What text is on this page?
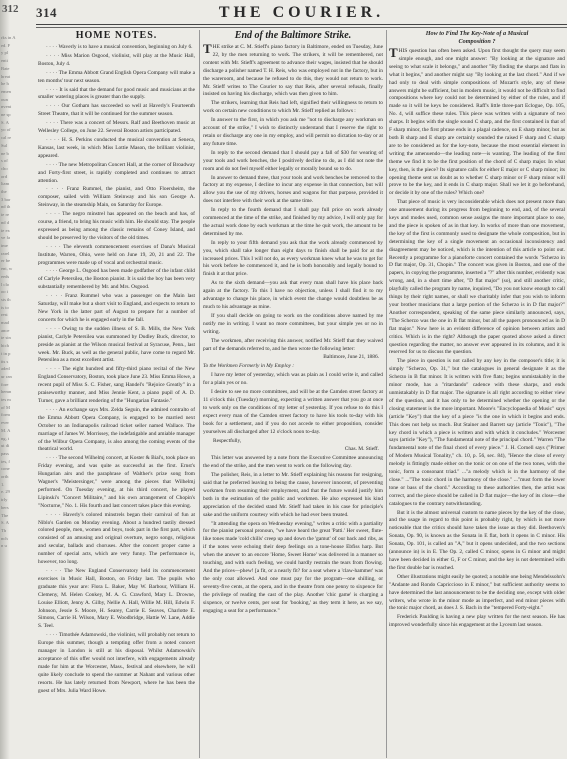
312
rks in A
ed. F
y pl
enti
Bate
hreat
he h
emen
oun
nvent
ne sp
S. A
yo of
cal re
Sul
ne b
s of
cho
ord
liam
the
3 bar
nd th
ie re
nd d
ie ex
ve fa
ime
rarel
er be
ent, w
eeds
l clo
oo i
sts th
is to
rest
mad
ance
ie sin
hich
t in p
its s
aded
ur ran
fore
hemn
ies m
of M
form
ever
M. A
ng, t
ut di
pass
ies, f
cone
orth
1.
e. 29
irly
bers
The
S. A
Th
nch
n u
314	THE COURIER.
HOME NOTES.

· · · Waverly is to have a musical convention, beginning on July 6.

· · · Miss Marion Osgood, violinist, will play at the Music Hall, Boston, July 4.

· · · The Emma Abbott Grand English Opera Company will make a ten months' tour next season.

· · · It is said that the demand for good music and musicians at the smaller watering places is greater than the supply.

· · · Our Gotham has succeeded so well at Haverly's Fourteenth Street Theatre, that it will be continued for the summer season.

· · · There was a concert of Messrs. Ralf and Beethoven music at Wellesley College, on June 22. Several Boston artists participated.

· · · H. S. Perkins conducted the musical convention at Seneca, Kansas, last week, in which Miss Lottie Mason, the brilliant violinist, appeared.

· · · The new Metropolitan Concert Hall, at the corner of Broadway and Forty-first street, is rapidly completed and continues to attract attention.

· · · Franz Rummel, the pianist, and Otto Floersheim, the composer, sailed with William Steinway and his son George A. Steinway, in the steamship Main, on Saturday for Europe.

· · · The negro minstrel has appeared on the beach and has, of course, a friend, to bring his music with him. He should stay. The people expressed as being among the classic remains of Coney Island, and should be preserved by the visitors of the old times.

· · · The eleventh commencement exercises of Dana's Musical Institute, Warren, Ohio, were held on June 19, 20, 21 and 22. The programmes were made up of vocal and orchestral music.

· · · George L. Osgood has been made godfather of the infant child of Carlyle Petersilea, the Boston pianist. It is said the boy has been very substantially remembered by Mr. and Mrs. Osgood.

· · · Franz Rummel who was a passenger on the Main last Saturday, will make but a short visit to England, and expects to return to New York in the latter part of August to prepare for a number of concerts for which he is engaged early in the fall.

· · · Owing to the sudden illness of S. B. Mills, the New York pianist, Carlyle Petersilea was summoned by Dudley Buck, director, to preside as pianist at the Wilson musical festival at Syracuse, Penn., last week. Mr. Buck, as well as the general public, have come to regard Mr. Petersilea as a most excellent artist.

· · · The eight hundred and fifty-third piano recital of the New England Conservatory, Boston, took place June 23. Miss Emma Howe, a recent pupil of Miss S. C. Fisher, sang Handel's "Rejoice Greatly" in a praiseworthy manner, and Miss Jennie Kent, a piano pupil of A. D. Turner, gave a brilliant rendering of the "Hungarian Fantasie."

· · · An exchange says Mrs. Zelda Seguin, the admired contralto of the Emma Abbott Opera Company, is engaged to be married next October to an Indianapolis railroad ticket seller named Wallace. The marriage of James W. Morrissey, the indefatigable and amiable manager of the Wilbur Opera Company, is also among the coming events of the theatrical world.

· · · The second Wilhelmj concert, at Koster & Bial's, took place on Friday evening, and was quite as successful as the first. Ernst's Hungarian airs and the paraphrase of Walther's prize song from Wagner's "Meistersinger," were among the pieces that Wilhelmj performed. On Tuesday evening, at his third concert, he played Lipinski's "Concert Militaire," and his own arrangement of Chopin's "Nocturne," No. 1. His fourth and last concert takes place this evening.

· · · Haverly's colored minstrels began their carnival of fun at Niblo's Garden on Monday evening. About a hundred tastily dressed colored people, men, women and boys, took part in the first part, which consisted of an amusing and original overture, negro songs, religious and secular, ballads and choruses. After the concert proper came a number of special acts, which are very funny. The performance is, however, too long.

· · · The New England Conservatory held its commencement exercises in Music Hall, Boston, on Friday last. The pupils who graduate this year are: Flora L. Baker, May W. Barbour, William H. Clemeny, M. Helen Conkey, M. A. G. Crawford, Mary L. Drowne, Louise Elliott, Jenny A. Gilby, Nellie A. Hall, Willie M. Hill, Edwin F. Johnson, Jessie S. Moore, H. Searey, Carrie E. Seaves, Charlotte E. Simons, Carrie H. Wilson, Mary E. Woodbridge, Hattie W. Lane, Addie S. Teel.

· · · Timothée Adamowski, the violinist, will probably not return to Europe this summer, though a tempting offer from a noted concert manager in London is still at his disposal. Whilst Adamowski's acceptance of this offer would not interfere, with engagements already made for him at the Worcester, Mass., festival and elsewhere, he will quite likely conclude to spend the summer at Nahant and various other resorts. He has lately returned from Newport, where he has been the guest of Mrs. Julia Ward Howe.

End of the Baltimore Strike.

THE strike at C. M. Stieff's piano factory in Baltimore, ended on Tuesday, June 22, by the men returning to work. The strikers, it will be remembered, not content with Mr. Stieff's agreement to advance their wages, insisted that he should discharge a polisher named T. H. Reis, who was employed not in the factory, but in the wareroom, and because he refused to do this, they would not return to work. Mr. Stieff writes to The Courier to say that Reis, after several refusals, finally insisted on having his discharge, which was then given to him.

The strikers, learning that Reis had left, signified their willingness to return to work on certain new conditions to which Mr. Stieff replied as follows :

In answer to the first, in which you ask me "not to discharge any workman on account of the strike," I wish to distinctly understand that I reserve the right to retain or discharge any one in my employ, and will permit no dictation to-day or at any future time.

In reply to the second demand that I should pay a fall of $30 for wearing of your tools and work benches, the I positively decline to do, as I did not note the room and do not feel myself either legally or morally bound so to do.

In answer to demand three, that your tools and work benches be removed to the factory at my expense, I decline to incur any expense in that connection, but will allow you the use of my drivers, horses and wagons for that purpose, provided it does not interfere with their work at the same time.

In reply to the fourth demand that I shall pay full price on work already commenced at the time of the strike, and finished by my advice, I will only pay for the actual work done by each workman at the time he quit work, the amount to be determined by me.

In reply to your fifth demand you ask that the work already commenced by you, which shall take longer than eight days to finish shall be paid for at the increased prices. This I will not do, as every workman knew what he was to get for his work before he commenced it, and he is both honorably and legally bound to finish it at that price.

As to the sixth demand—you ask that every man shall have his place back again at the factory. To this I have no objection, unless I shall find it to my advantage to change his place, in which event the change would doubtless be as much to his advantage as mine.

If you shall decide on going to work on the conditions above named by me notify me in writing. I want no more committees, but your simple yes or no in writing.

The workmen, after receiving this answer, notified Mr. Stieff that they waived part of the demands referred to, and he then wrote the following letter:

Baltimore, June 21, 1886.

To the Workmen Formerly in My Employ :

I have my letter of yesterday, which was as plain as I could write it, and called for a plain yes or no.

I desire to see no more committees, and will be at the Camden street factory at 11 o'clock this (Tuesday) morning, expecting a written answer that you go at once to work only on the conditions of my letter of yesterday. If you refuse to do this I expect every man of the Camden street factory to have his tools to-day with his book for a settlement, and if you do not accede to either proposition, consider yourselves all discharged after 12 o'clock noon to-day.

Respectfully,

Chas. M. Stieff.

This letter was answered by a note from the Executive Committee announcing the end of the strike, and the men went to work on the following day.

The polisher, Reis, in a letter to Mr. Stieff explaining his reasons for resigning, said that he preferred leaving to being the cause, however innocent, of preventing workmen from resuming their employment, and that the future would justify him both in the estimation of the public and workmen. He also expressed his kind appreciation of the decided stand Mr. Stieff had taken in his case for principle's sake and the uniform courtesy with which he had ever been treated.

"It attending the opera on Wednesday evening," writes a critic with a partiality for the pianist personal pronoun, "we have heard the great 'Patti.' Her sweet, flute-like tones made 'cold chills' creep up and down the 'gamut' of our back and ribs, as if the notes were echoing their deep feelings on a tone-house Ebfiss harp. But when the answer to an encore 'Home, Sweet Home' was delivered in a manner so touching, and with such feeling, we could hardly restrain the tears from flowing. And the prices—phew! [a fit, or a nearly fit? for a seat where a 'claw-hammer' was the only coat allowed. And one must pay for the program—one shilling, or seventy-five cents, at the opera, and in the theatre from one penny to sixpence for the privilege of reading the cast of the play. Another 'chic game' is charging a sixpence, or twelve cents, per seat for 'booking,' as they term it here, as we say, engaging a seat for a performance."

How to Find The Key-Note of a Musical
Composition ?

THIS question has often been asked. Upon first thought the query may seem simple enough, and one might answer: "By looking at the signature and seeing to what scale it belongs," and another "By finding the sharps and flats in what it begins," and another might say "By looking at the last chord." And if we had only to deal with simple compositions of Mozart's style, any of these answers might be sufficient, but in modern music, it would not be difficult to find compositions where key could not be determined by either of the rules, and if made so it will be keys be considered. Raff's little three-part Eclogue, Op. 105, No. 4, will suffice these rules. This piece was written with a signature of two sharps. It begins with the single sound C sharp, and the first contained in that of F sharp minor, the first phrase ends in a plagal cadence, on E sharp minor, but as both B sharp and E sharp are certainly sounded the raised F sharp and C sharp are to be considered as for the key-note, because the most essential element in writing the amenuendo—the leading note—is wanting. The leading of the first theme we find it to be the first position of the chord of C sharp major. In what key, then, is the piece? Its signature calls for either E major or C sharp minor; its opening theme sent us doubt as to whether C sharp minor or F sharp minor will prove to be the key, and it ends in C sharp major. Shall we let it go beforehand, or decide it by one of the rules? Which one?

That piece of music is very inconsiderable which does not present more than one amusement during its progress from beginning to end, and, of the several keys and modes used, common sense assigns the more important place to one, and the piece is spoken of as in that key. In works of more than one movement, the key of the first is commonly used to designate the whole composition, but in determining the key of a single movement an occasional inconsistency and disagreement may be noticed, which is the intention of this article to point out. Recently a programme for a pianoforte concert contained the words "Scherzo in D flat major, Op. 31, Chopin." The concert was given in Boston, and one of the papers, in copying the programme, inserted a "?" after this number, evidently was wrong, and, in a short time after, "D flat major" (so), and still another critic, playfully called the program by name, inquired, "Do you not know enough to call things by their right names, or shall we charitably infer that you wish to inform your brother musicians that a large portion of the Scherzo is in D flat major?" Another correspondent, speaking of the same piece similarly announced, says, "The Scherzo was the one in B flat minor, but all the papers pronounced as in D flat major." Now here is an evident difference of opinion between artists and critics. Which is in the right? Although the paper quoted above asked a direct question regarding the matter, no answer ever appeared in its columns, and it is reserved for us to discuss the question.

The piece in question is not called by any key in the composer's title; it is simply "Scherzo, Op. 31," but the catalogues in general designate it as the Scherzo in B flat minor. It is written with five flats; begins unmistakably in the minor mode, has a "ritardando" cadence with these sharps, and ends unmistakably in D flat major. The signature is all right according to either view of the question, and it has only to be determined whether the opening or the closing statement is the more important. Moore's "Encyclopaedia of Music" says (article "Key") that the key of a piece "is the one in which it begins and ends. This does not help us much. But Stainer and Barrett say (article "Tonic"), "The key chord in which a piece is written and with which it concludes." Worcester says (article "Key"), "The fundamental note of the principal chord." Warren "The fundamental note of the final chord of every piece." J. H. Cornell says ("Primer of Modern Musical Tonality," ch. 10, p. 56, sec. 84), "Hence the close of every melody is fittingly made either on the tonic or on one of the two tones, with the tonic, form a consonant triad." ..."a melody which is in the harmony of the close." ..."The tonic chord in the harmony of the close." ..."must form the lower tone or bass of the chord." According to these authorities then, the artist was correct, and the piece should be called in D flat major—the key of its close—the catalogues to the contrary notwithstanding.

But it is the almost universal custom to name pieces by the key of the close, and the usage in regard to this point is probably right, by which is not more noticeable that the critics should have taken the issue as they did. Beethoven's Sonata, Op. 90, is known as the Sonata in E flat, both it opens in C minor. His Sonata, Op. 101, is called an "A," but it opens undecided, and the two sections (announce in) is in E. The Op. 2, called C minor, opens in G minor and might have been decided in either G, F or C minor, and the key is not determined with the first double bar is reached.

Other illustrations might easily be quoted; a notable one being Mendelssohn's "Andante and Rondo Capriccioso in E minor," but sufficient authority seems to have determined the last announcement to be the deciding one, except with older writers, who wrote in the minor mode as imperfect, and end minor pieces with the tonic major chord, as does J. S. Bach in the "tempered Forty-eight."

Frederick Paulding is having a new play written for the next season. He has improved wonderfully since his engagement at the Lyceum last season.
